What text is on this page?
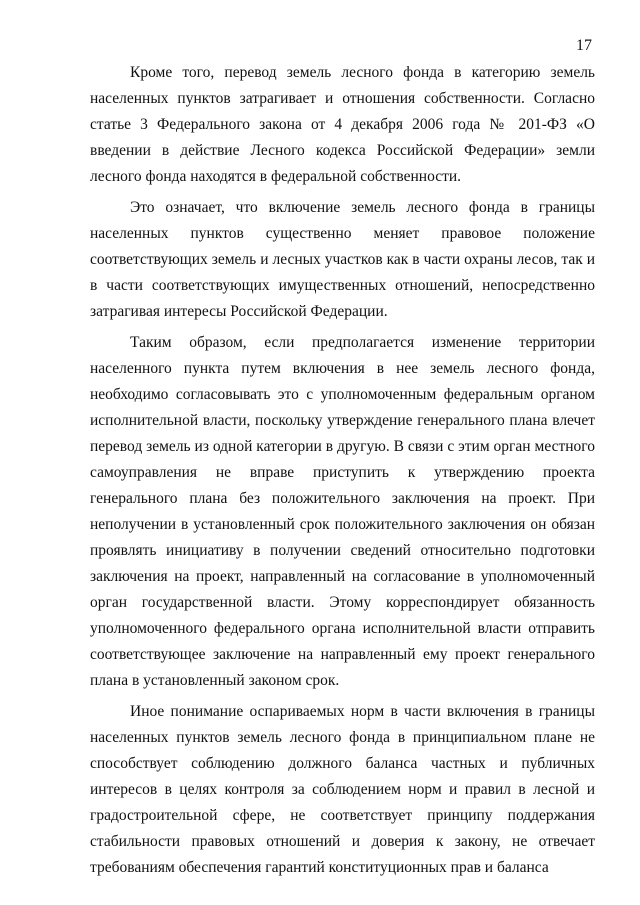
17

Кроме того, перевод земель лесного фонда в категорию земель населенных пунктов затрагивает и отношения собственности. Согласно статье 3 Федерального закона от 4 декабря 2006 года № 201-ФЗ «О введении в действие Лесного кодекса Российской Федерации» земли лесного фонда находятся в федеральной собственности.

Это означает, что включение земель лесного фонда в границы населенных пунктов существенно меняет правовое положение соответствующих земель и лесных участков как в части охраны лесов, так и в части соответствующих имущественных отношений, непосредственно затрагивая интересы Российской Федерации.

Таким образом, если предполагается изменение территории населенного пункта путем включения в нее земель лесного фонда, необходимо согласовывать это с уполномоченным федеральным органом исполнительной власти, поскольку утверждение генерального плана влечет перевод земель из одной категории в другую. В связи с этим орган местного самоуправления не вправе приступить к утверждению проекта генерального плана без положительного заключения на проект. При неполучении в установленный срок положительного заключения он обязан проявлять инициативу в получении сведений относительно подготовки заключения на проект, направленный на согласование в уполномоченный орган государственной власти. Этому корреспондирует обязанность уполномоченного федерального органа исполнительной власти отправить соответствующее заключение на направленный ему проект генерального плана в установленный законом срок.

Иное понимание оспариваемых норм в части включения в границы населенных пунктов земель лесного фонда в принципиальном плане не способствует соблюдению должного баланса частных и публичных интересов в целях контроля за соблюдением норм и правил в лесной и градостроительной сфере, не соответствует принципу поддержания стабильности правовых отношений и доверия к закону, не отвечает требованиям обеспечения гарантий конституционных прав и баланса
